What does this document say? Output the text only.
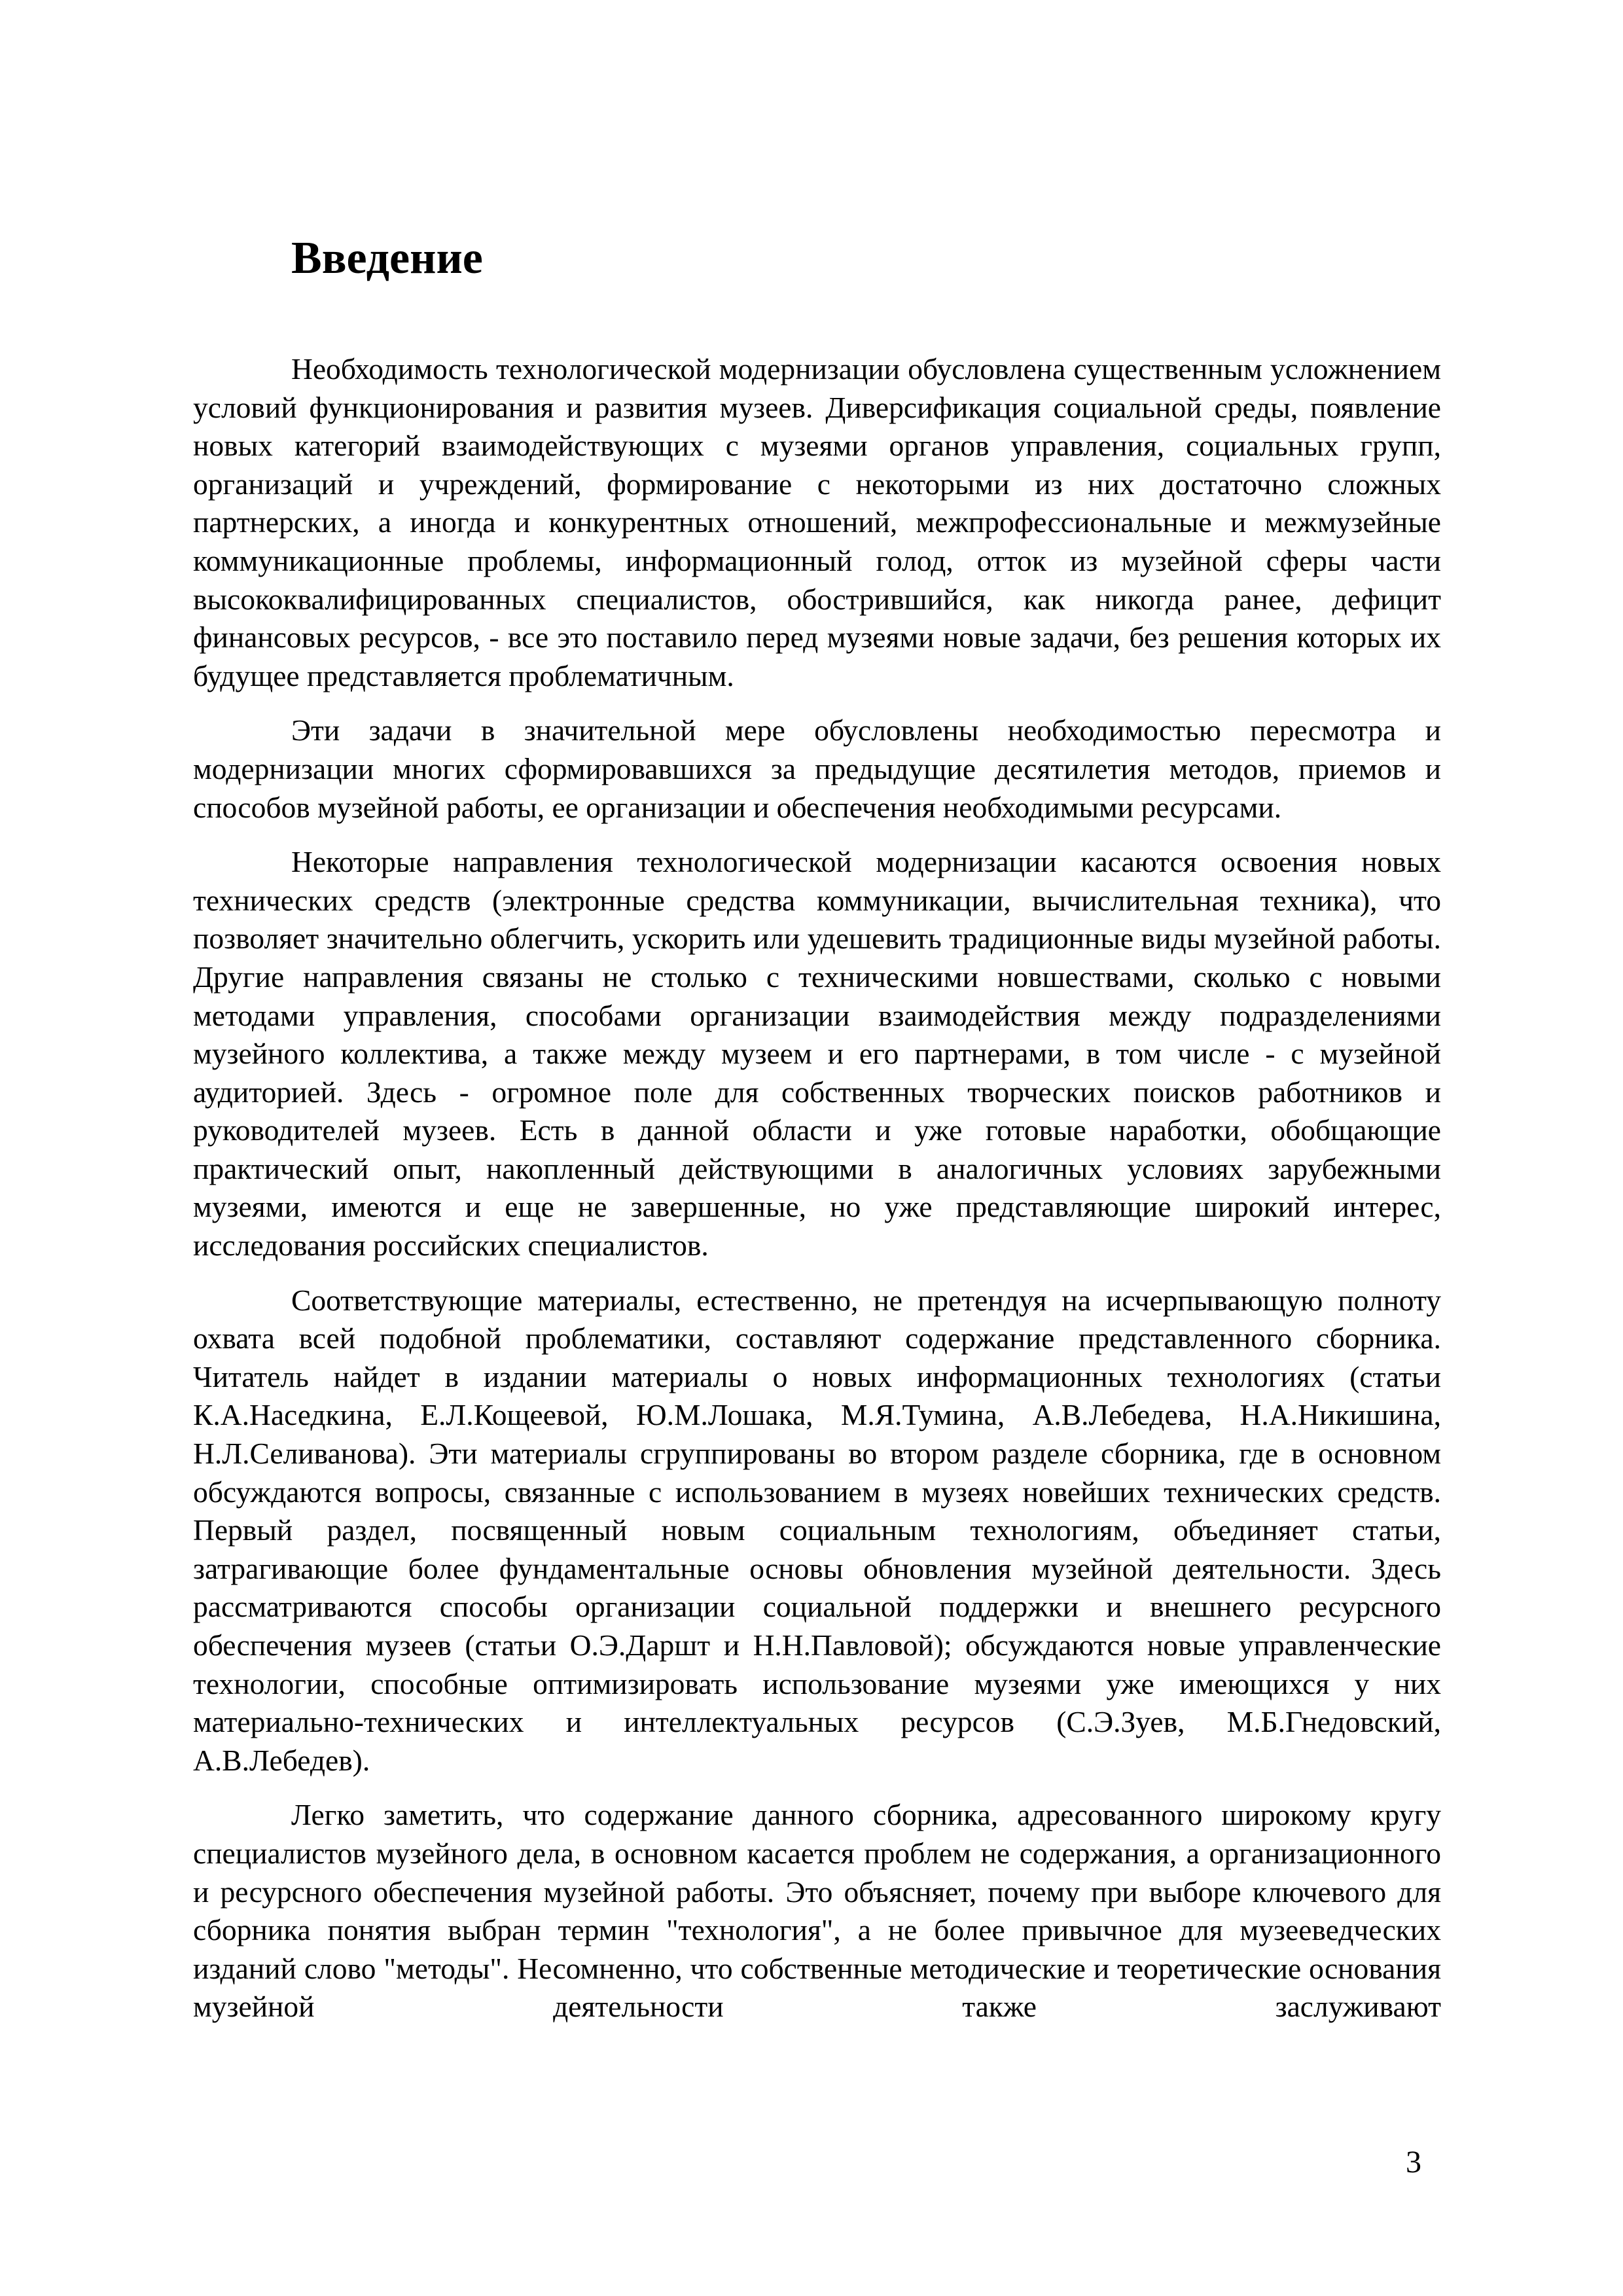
Введение

Необходимость технологической модернизации обусловлена существенным усложнением условий функционирования и развития музеев. Диверсификация социальной среды, появление новых категорий взаимодействующих с музеями органов управления, социальных групп, организаций и учреждений, формирование с некоторыми из них достаточно сложных партнерских, а иногда и конкурентных отношений, межпрофессиональные и межмузейные коммуникационные проблемы, информационный голод, отток из музейной сферы части высококвалифицированных специалистов, обострившийся, как никогда ранее, дефицит финансовых ресурсов, - все это поставило перед музеями новые задачи, без решения которых их будущее представляется проблематичным.

Эти задачи в значительной мере обусловлены необходимостью пересмотра и модернизации многих сформировавшихся за предыдущие десятилетия методов, приемов и способов музейной работы, ее организации и обеспечения необходимыми ресурсами.

Некоторые направления технологической модернизации касаются освоения новых технических средств (электронные средства коммуникации, вычислительная техника), что позволяет значительно облегчить, ускорить или удешевить традиционные виды музейной работы. Другие направления связаны не столько с техническими новшествами, сколько с новыми методами управления, способами организации взаимодействия между подразделениями музейного коллектива, а также между музеем и его партнерами, в том числе - с музейной аудиторией. Здесь - огромное поле для собственных творческих поисков работников и руководителей музеев. Есть в данной области и уже готовые наработки, обобщающие практический опыт, накопленный действующими в аналогичных условиях зарубежными музеями, имеются и еще не завершенные, но уже представляющие широкий интерес, исследования российских специалистов.

Соответствующие материалы, естественно, не претендуя на исчерпывающую полноту охвата всей подобной проблематики, составляют содержание представленного сборника. Читатель найдет в издании материалы о новых информационных технологиях (статьи К.А.Наседкина, Е.Л.Кощеевой, Ю.М.Лошака, М.Я.Тумина, А.В.Лебедева, Н.А.Никишина, Н.Л.Селиванова). Эти материалы сгруппированы во втором разделе сборника, где в основном обсуждаются вопросы, связанные с использованием в музеях новейших технических средств. Первый раздел, посвященный новым социальным технологиям, объединяет статьи, затрагивающие более фундаментальные основы обновления музейной деятельности. Здесь рассматриваются способы организации социальной поддержки и внешнего ресурсного обеспечения музеев (статьи О.Э.Даршт и Н.Н.Павловой); обсуждаются новые управленческие технологии, способные оптимизировать использование музеями уже имеющихся у них материально-технических и интеллектуальных ресурсов (С.Э.Зуев, М.Б.Гнедовский, А.В.Лебедев).

Легко заметить, что содержание данного сборника, адресованного широкому кругу специалистов музейного дела, в основном касается проблем не содержания, а организационного и ресурсного обеспечения музейной работы. Это объясняет, почему при выборе ключевого для сборника понятия выбран термин "технология", а не более привычное для музееведческих изданий слово "методы". Несомненно, что собственные методические и теоретические основания музейной деятельности также заслуживают

3
